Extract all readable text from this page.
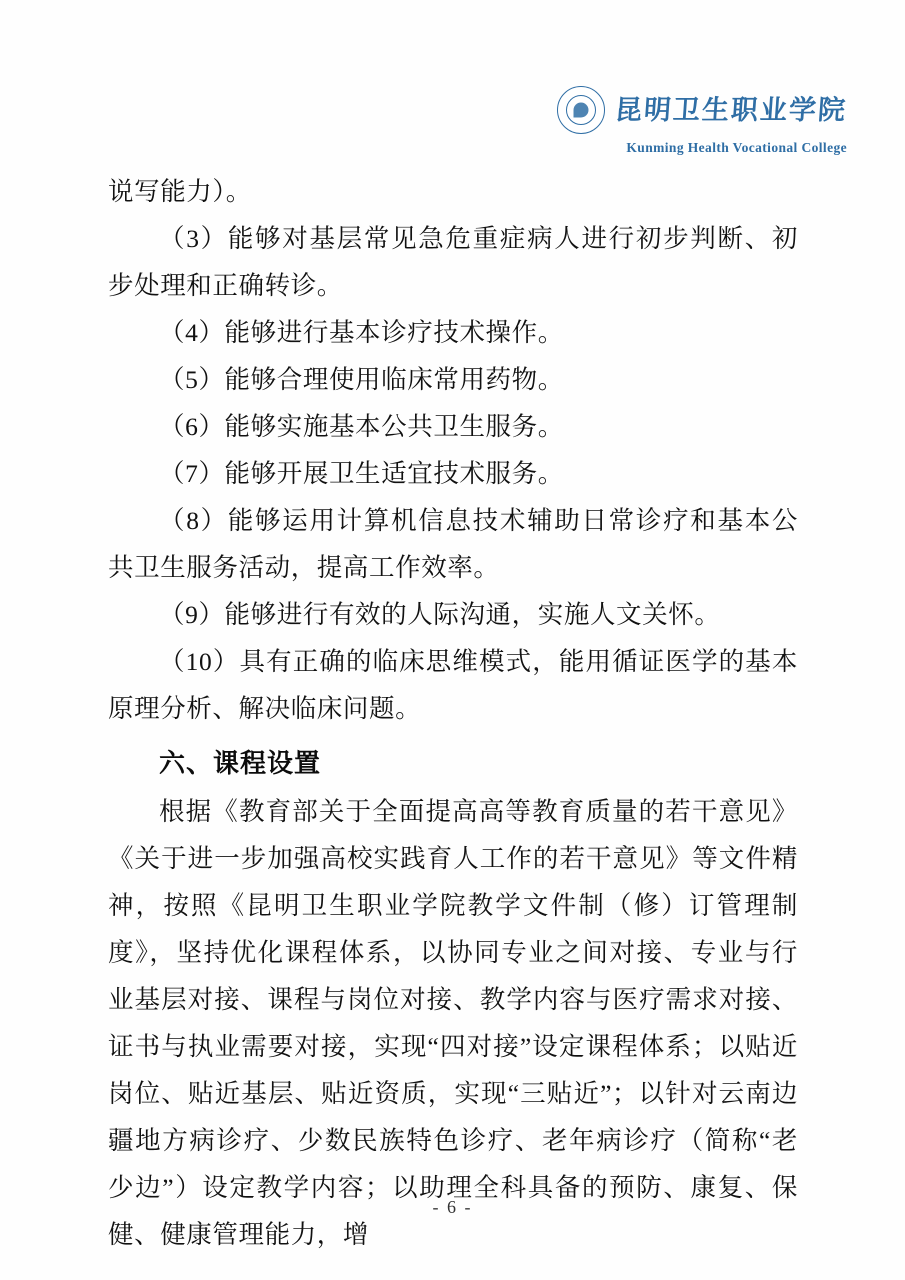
昆明卫生职业学院
Kunming Health Vocational College

说写能力）。

（3）能够对基层常见急危重症病人进行初步判断、初步处理和正确转诊。

（4）能够进行基本诊疗技术操作。

（5）能够合理使用临床常用药物。

（6）能够实施基本公共卫生服务。

（7）能够开展卫生适宜技术服务。

（8）能够运用计算机信息技术辅助日常诊疗和基本公共卫生服务活动，提高工作效率。

（9）能够进行有效的人际沟通，实施人文关怀。

（10）具有正确的临床思维模式，能用循证医学的基本原理分析、解决临床问题。

六、课程设置

根据《教育部关于全面提高高等教育质量的若干意见》《关于进一步加强高校实践育人工作的若干意见》等文件精神，按照《昆明卫生职业学院教学文件制（修）订管理制度》，坚持优化课程体系，以协同专业之间对接、专业与行业基层对接、课程与岗位对接、教学内容与医疗需求对接、证书与执业需要对接，实现“四对接”设定课程体系；以贴近岗位、贴近基层、贴近资质，实现“三贴近”；以针对云南边疆地方病诊疗、少数民族特色诊疗、老年病诊疗（简称“老少边”）设定教学内容；以助理全科具备的预防、康复、保健、健康管理能力，增

- 6 -
